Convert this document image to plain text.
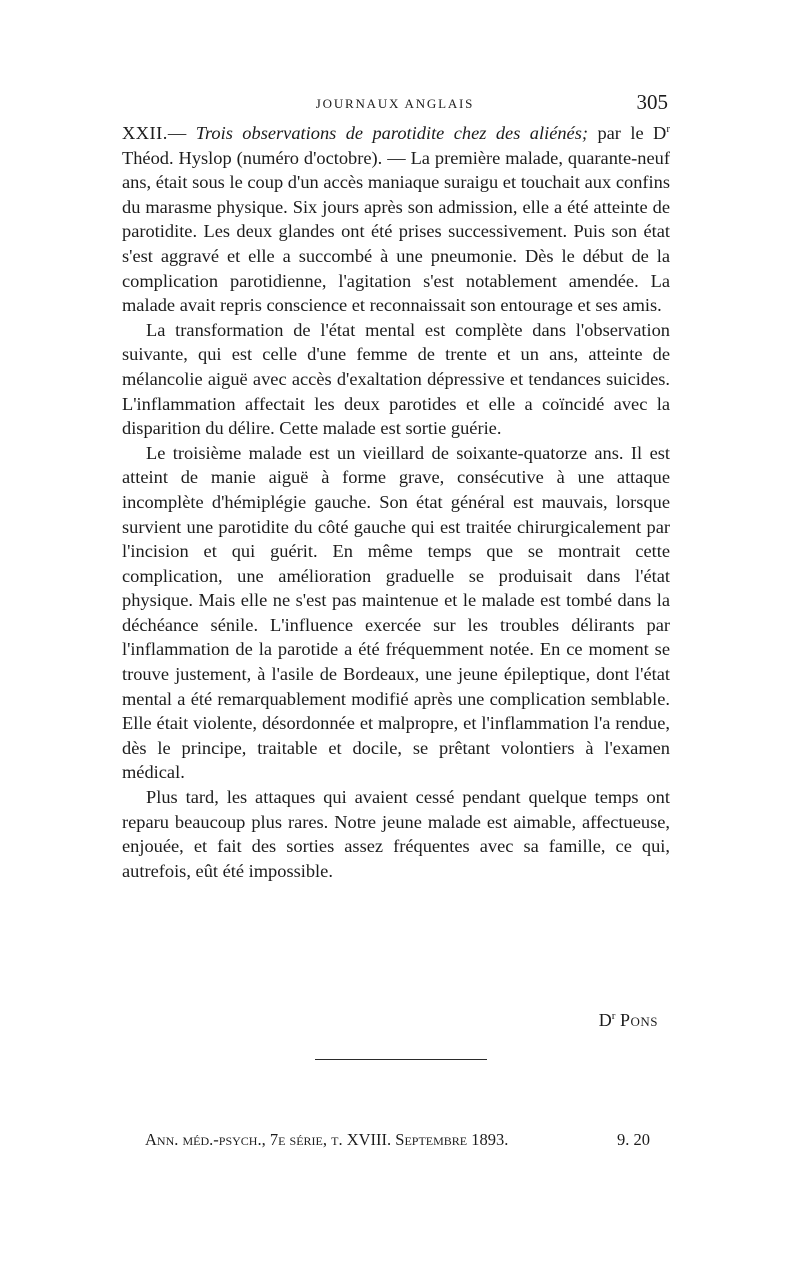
JOURNAUX ANGLAIS	305

XXII.— Trois observations de parotidite chez des aliénés; par le $D^r$ Théod. Hyslop (numéro d'octobre). — La première malade, quarante-neuf ans, était sous le coup d'un accès maniaque suraigu et touchait aux confins du marasme physique. Six jours après son admission, elle a été atteinte de parotidite. Les deux glandes ont été prises successivement. Puis son état s'est aggravé et elle a succombé à une pneumonie. Dès le début de la complication parotidienne, l'agitation s'est notablement amendée. La malade avait repris conscience et reconnaissait son entourage et ses amis.

La transformation de l'état mental est complète dans l'observation suivante, qui est celle d'une femme de trente et un ans, atteinte de mélancolie aiguë avec accès d'exaltation dépressive et tendances suicides. L'inflammation affectait les deux parotides et elle a coïncidé avec la disparition du délire. Cette malade est sortie guérie.

Le troisième malade est un vieillard de soixante-quatorze ans. Il est atteint de manie aiguë à forme grave, consécutive à une attaque incomplète d'hémiplégie gauche. Son état général est mauvais, lorsque survient une parotidite du côté gauche qui est traitée chirurgicalement par l'incision et qui guérit. En même temps que se montrait cette complication, une amélioration graduelle se produisait dans l'état physique. Mais elle ne s'est pas maintenue et le malade est tombé dans la déchéance sénile. L'influence exercée sur les troubles délirants par l'inflammation de la parotide a été fréquemment notée. En ce moment se trouve justement, à l'asile de Bordeaux, une jeune épileptique, dont l'état mental a été remarquablement modifié après une complication semblable. Elle était violente, désordonnée et malpropre, et l'inflammation l'a rendue, dès le principe, traitable et docile, se prêtant volontiers à l'examen médical.

Plus tard, les attaques qui avaient cessé pendant quelque temps ont reparu beaucoup plus rares. Notre jeune malade est aimable, affectueuse, enjouée, et fait des sorties assez fréquentes avec sa famille, ce qui, autrefois, eût été impossible.

$D^r$ Pons
Ann. méd.-psych., 7e série, t. XVIII. Septembre 1893.	9. 20
